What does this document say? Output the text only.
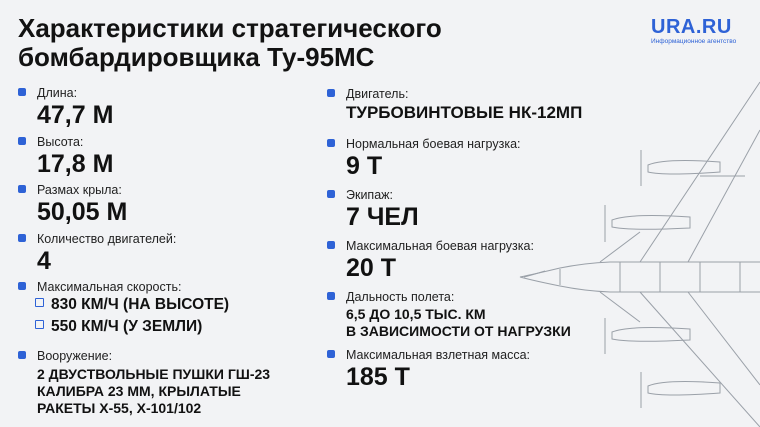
Характеристики стратегического бомбардировщика Ту-95МС
URA.RU
Информационное агентство
Длина:
47,7 М
Высота:
17,8 М
Размах крыла:
50,05 М
Количество двигателей:
4
Максимальная скорость:
830 КМ/Ч (НА ВЫСОТЕ)
550 КМ/Ч (У ЗЕМЛИ)
Вооружение:
2 ДВУСТВОЛЬНЫЕ ПУШКИ ГШ-23
КАЛИБРА 23 ММ, КРЫЛАТЫЕ
РАКЕТЫ Х-55, Х-101/102
Двигатель:
ТУРБОВИНТОВЫЕ НК-12МП
Нормальная боевая нагрузка:
9 Т
Экипаж:
7 ЧЕЛ
Максимальная боевая нагрузка:
20 Т
Дальность полета:
6,5 ДО 10,5 ТЫС. КМ
В ЗАВИСИМОСТИ ОТ НАГРУЗКИ
Максимальная взлетная масса:
185 Т
